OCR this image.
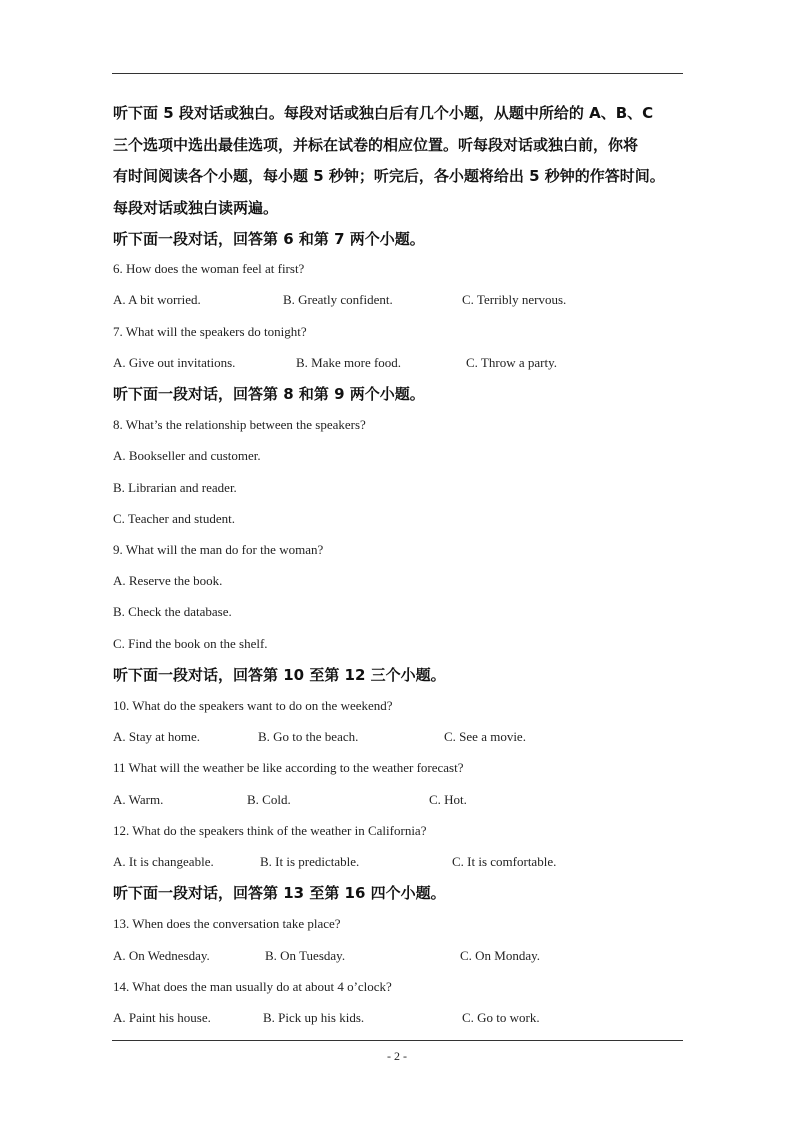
听下面 5 段对话或独白。每段对话或独白后有几个小题，从题中所给的 A、B、C

三个选项中选出最佳选项，并标在试卷的相应位置。听每段对话或独白前，你将

有时间阅读各个小题，每小题 5 秒钟；听完后，各小题将给出 5 秒钟的作答时间。

每段对话或独白读两遍。

听下面一段对话，回答第 6 和第 7 两个小题。
6. How does the woman feel at first?
A. A bit worried.	B. Greatly confident.	C. Terribly nervous.
7. What will the speakers do tonight?
A. Give out invitations.	B. Make more food.	C. Throw a party.
听下面一段对话，回答第 8 和第 9 两个小题。
8. What’s the relationship between the speakers?
A. Bookseller and customer.
B. Librarian and reader.
C. Teacher and student.
9. What will the man do for the woman?
A. Reserve the book.
B. Check the database.
C. Find the book on the shelf.
听下面一段对话，回答第 10 至第 12 三个小题。
10. What do the speakers want to do on the weekend?
A. Stay at home.	B. Go to the beach.	C. See a movie.
11 What will the weather be like according to the weather forecast?
A. Warm.	B. Cold.	C. Hot.
12. What do the speakers think of the weather in California?
A. It is changeable.	B. It is predictable.	C. It is comfortable.
听下面一段对话，回答第 13 至第 16 四个小题。
13. When does the conversation take place?
A. On Wednesday.	B. On Tuesday.	C. On Monday.
14. What does the man usually do at about 4 o’clock?
A. Paint his house.	B. Pick up his kids.	C. Go to work.
- 2 -
